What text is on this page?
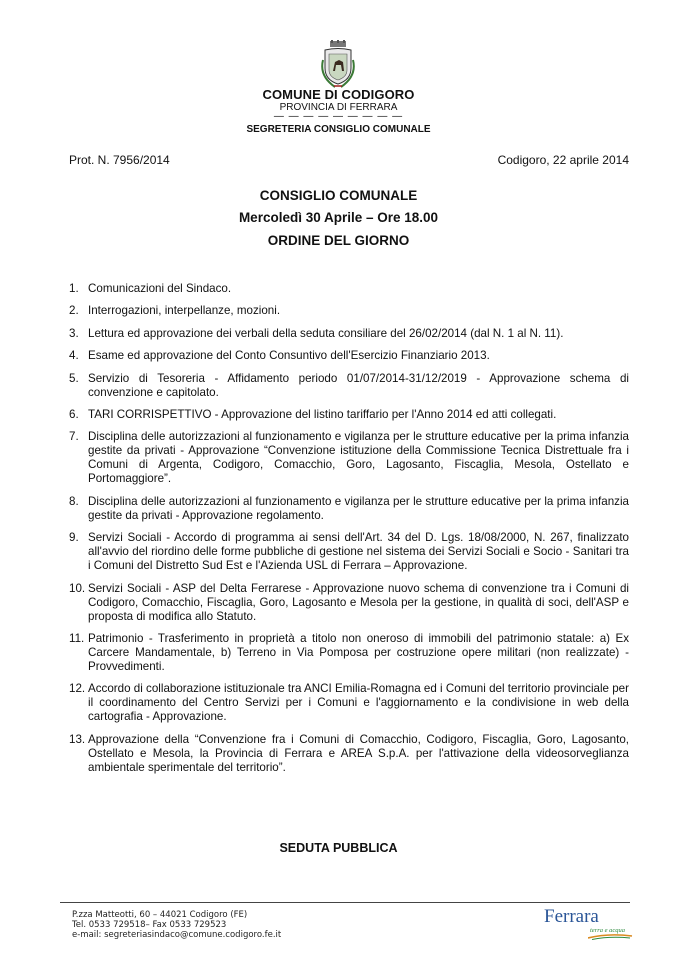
COMUNE DI CODIGORO
PROVINCIA DI FERRARA
— — — — — — — — —
SEGRETERIA CONSIGLIO COMUNALE
Prot. N. 7956/2014	Codigoro, 22 aprile 2014
CONSIGLIO COMUNALE
Mercoledì 30 Aprile – Ore 18.00
ORDINE DEL GIORNO
1. Comunicazioni del Sindaco.
2. Interrogazioni, interpellanze, mozioni.
3. Lettura ed approvazione dei verbali della seduta consiliare del 26/02/2014 (dal N. 1 al N. 11).
4. Esame ed approvazione del Conto Consuntivo dell'Esercizio Finanziario 2013.
5. Servizio di Tesoreria - Affidamento periodo 01/07/2014-31/12/2019 - Approvazione schema di convenzione e capitolato.
6. TARI CORRISPETTIVO - Approvazione del listino tariffario per l'Anno 2014 ed atti collegati.
7. Disciplina delle autorizzazioni al funzionamento e vigilanza per le strutture educative per la prima infanzia gestite da privati - Approvazione “Convenzione istituzione della Commissione Tecnica Distrettuale fra i Comuni di Argenta, Codigoro, Comacchio, Goro, Lagosanto, Fiscaglia, Mesola, Ostellato e Portomaggiore”.
8. Disciplina delle autorizzazioni al funzionamento e vigilanza per le strutture educative per la prima infanzia gestite da privati - Approvazione regolamento.
9. Servizi Sociali - Accordo di programma ai sensi dell'Art. 34 del D. Lgs. 18/08/2000, N. 267, finalizzato all'avvio del riordino delle forme pubbliche di gestione nel sistema dei Servizi Sociali e Socio - Sanitari tra i Comuni del Distretto Sud Est e l'Azienda USL di Ferrara – Approvazione.
10. Servizi Sociali - ASP del Delta Ferrarese - Approvazione nuovo schema di convenzione tra i Comuni di Codigoro, Comacchio, Fiscaglia, Goro, Lagosanto e Mesola per la gestione, in qualità di soci, dell'ASP e proposta di modifica allo Statuto.
11. Patrimonio - Trasferimento in proprietà a titolo non oneroso di immobili del patrimonio statale: a) Ex Carcere Mandamentale, b) Terreno in Via Pomposa per costruzione opere militari (non realizzate) - Provvedimenti.
12. Accordo di collaborazione istituzionale tra ANCI Emilia-Romagna ed i Comuni del territorio provinciale per il coordinamento del Centro Servizi per i Comuni e l'aggiornamento e la condivisione in web della cartografia - Approvazione.
13. Approvazione della “Convenzione fra i Comuni di Comacchio, Codigoro, Fiscaglia, Goro, Lagosanto, Ostellato e Mesola, la Provincia di Ferrara e AREA S.p.A. per l'attivazione della videosorveglianza ambientale sperimentale del territorio”.
SEDUTA PUBBLICA
P.zza Matteotti, 60 – 44021 Codigoro (FE)
Tel. 0533 729518– Fax 0533 729523
e-mail: segreteriasindaco@comune.codigoro.fe.it
Ferrara
terra e acqua
